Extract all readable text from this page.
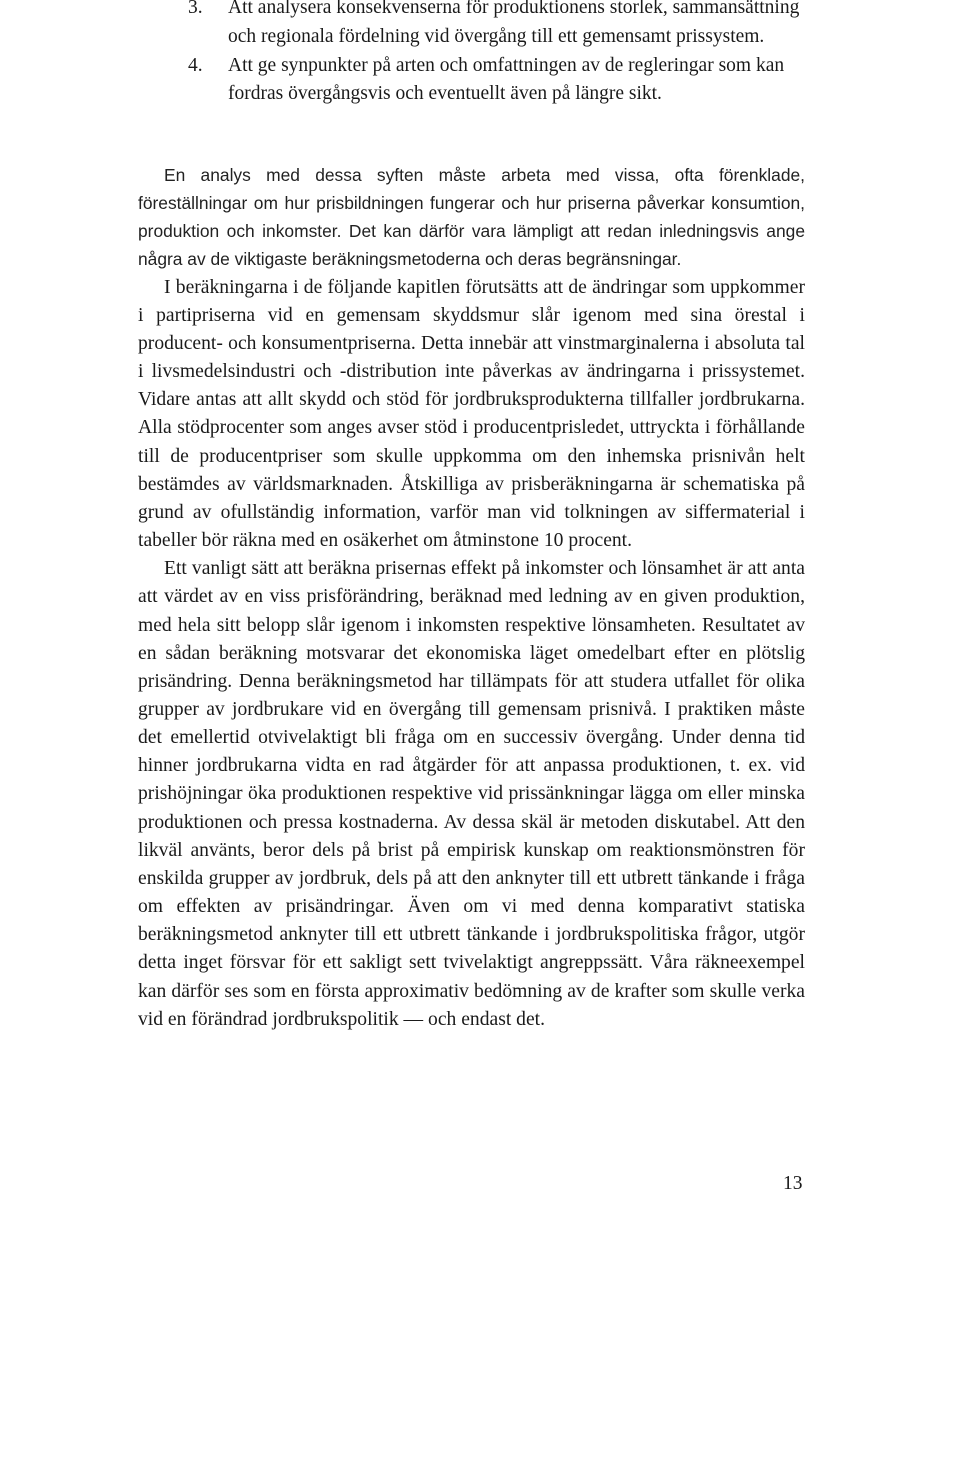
3. Att analysera konsekvenserna för produktionens storlek, sammansättning och regionala fördelning vid övergång till ett gemensamt prissystem.
4. Att ge synpunkter på arten och omfattningen av de regleringar som kan fordras övergångsvis och eventuellt även på längre sikt.

En analys med dessa syften måste arbeta med vissa, ofta förenklade, föreställningar om hur prisbildningen fungerar och hur priserna påverkar konsumtion, produktion och inkomster. Det kan därför vara lämpligt att redan inledningsvis ange några av de viktigaste beräkningsmetoderna och deras begränsningar.

I beräkningarna i de följande kapitlen förutsätts att de ändringar som uppkommer i partipriserna vid en gemensam skyddsmur slår igenom med sina örestal i producent- och konsumentpriserna. Detta innebär att vinstmarginalerna i absoluta tal i livsmedelsindustri och -distribution inte påverkas av ändringarna i prissystemet. Vidare antas att allt skydd och stöd för jordbruksprodukterna tillfaller jordbrukarna. Alla stödprocenter som anges avser stöd i producentprisledet, uttryckta i förhållande till de producentpriser som skulle uppkomma om den inhemska prisnivån helt bestämdes av världsmarknaden. Åtskilliga av prisberäkningarna är schematiska på grund av ofullständig information, varför man vid tolkningen av siffermaterial i tabeller bör räkna med en osäkerhet om åtminstone 10 procent.

Ett vanligt sätt att beräkna prisernas effekt på inkomster och lönsamhet är att anta att värdet av en viss prisförändring, beräknad med ledning av en given produktion, med hela sitt belopp slår igenom i inkomsten respektive lönsamheten. Resultatet av en sådan beräkning motsvarar det ekonomiska läget omedelbart efter en plötslig prisändring. Denna beräkningsmetod har tillämpats för att studera utfallet för olika grupper av jordbrukare vid en övergång till gemensam prisnivå. I praktiken måste det emellertid otvivelaktigt bli fråga om en successiv övergång. Under denna tid hinner jordbrukarna vidta en rad åtgärder för att anpassa produktionen, t. ex. vid prishöjningar öka produktionen respektive vid prissänkningar lägga om eller minska produktionen och pressa kostnaderna. Av dessa skäl är metoden diskutabel. Att den likväl använts, beror dels på brist på empirisk kunskap om reaktionsmönstren för enskilda grupper av jordbruk, dels på att den anknyter till ett utbrett tänkande i fråga om effekten av prisändringar. Även om vi med denna komparativt statiska beräkningsmetod anknyter till ett utbrett tänkande i jordbrukspolitiska frågor, utgör detta inget försvar för ett sakligt sett tvivelaktigt angreppssätt. Våra räkneexempel kan därför ses som en första approximativ bedömning av de krafter som skulle verka vid en förändrad jordbrukspolitik — och endast det.

13
